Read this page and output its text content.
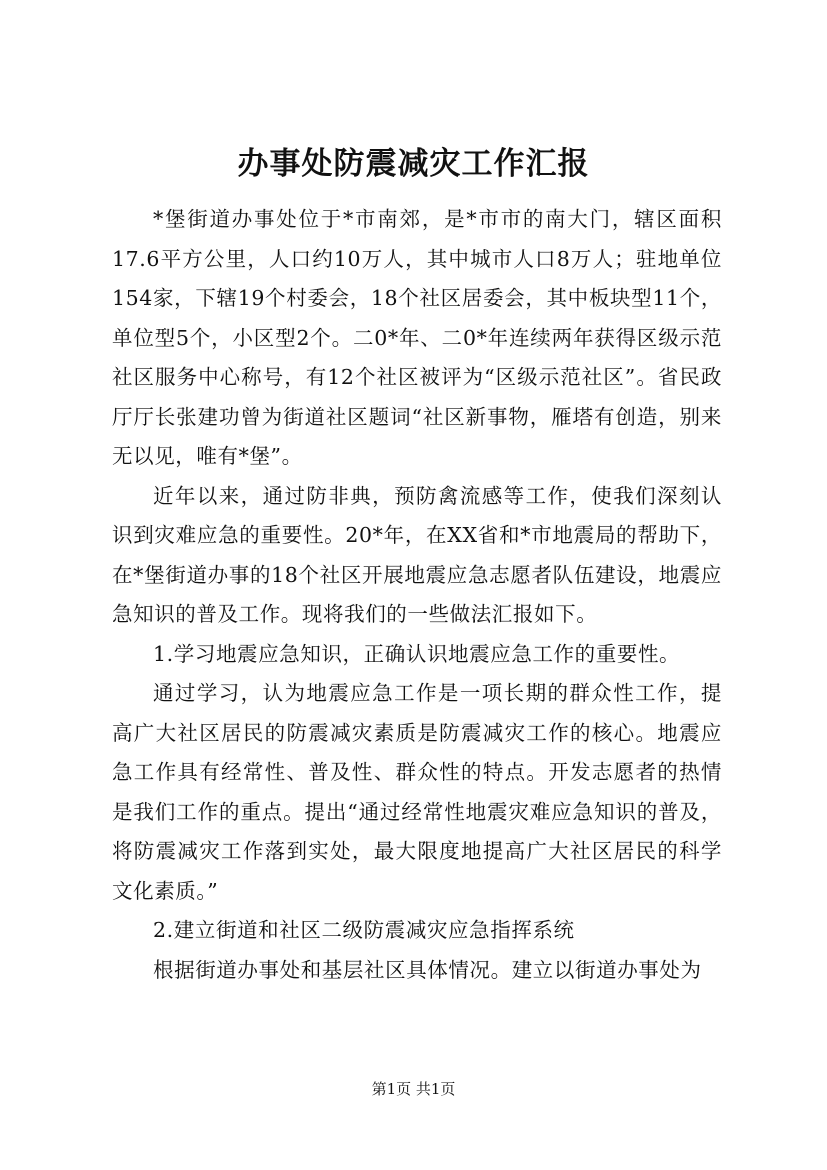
办事处防震减灾工作汇报

*堡街道办事处位于*市南郊，是*市市的南大门，辖区面积17.6平方公里，人口约10万人，其中城市人口8万人；驻地单位154家，下辖19个村委会，18个社区居委会，其中板块型11个，单位型5个，小区型2个。二0*年、二0*年连续两年获得区级示范社区服务中心称号，有12个社区被评为“区级示范社区”。省民政厅厅长张建功曾为街道社区题词“社区新事物，雁塔有创造，别来无以见，唯有*堡”。

近年以来，通过防非典，预防禽流感等工作，使我们深刻认识到灾难应急的重要性。20*年，在XX省和*市地震局的帮助下，在*堡街道办事的18个社区开展地震应急志愿者队伍建设，地震应急知识的普及工作。现将我们的一些做法汇报如下。

1.学习地震应急知识，正确认识地震应急工作的重要性。

通过学习，认为地震应急工作是一项长期的群众性工作，提高广大社区居民的防震减灾素质是防震减灾工作的核心。地震应急工作具有经常性、普及性、群众性的特点。开发志愿者的热情是我们工作的重点。提出“通过经常性地震灾难应急知识的普及，将防震减灾工作落到实处，最大限度地提高广大社区居民的科学文化素质。”

2.建立街道和社区二级防震减灾应急指挥系统

根据街道办事处和基层社区具体情况。建立以街道办事处为

第1页 共1页
